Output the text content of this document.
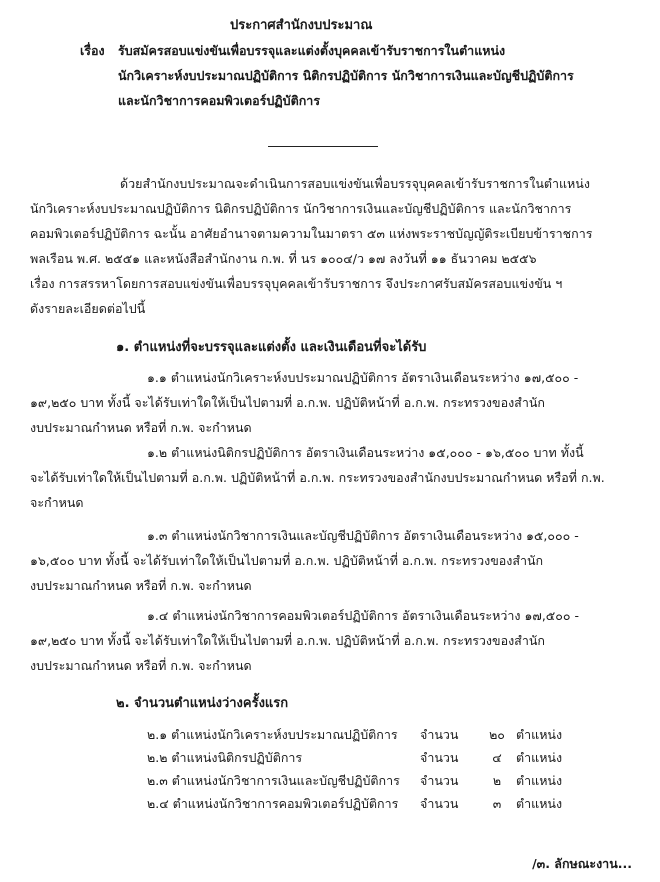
ประกาศสำนักงบประมาณ
เรื่อง รับสมัครสอบแข่งขันเพื่อบรรจุและแต่งตั้งบุคคลเข้ารับราชการในตำแหน่ง
นักวิเคราะห์งบประมาณปฏิบัติการ นิติกรปฏิบัติการ นักวิชาการเงินและบัญชีปฏิบัติการ
และนักวิชาการคอมพิวเตอร์ปฏิบัติการ
ด้วยสำนักงบประมาณจะดำเนินการสอบแข่งขันเพื่อบรรจุบุคคลเข้ารับราชการในตำแหน่ง
นักวิเคราะห์งบประมาณปฏิบัติการ นิติกรปฏิบัติการ นักวิชาการเงินและบัญชีปฏิบัติการ และนักวิชาการ
คอมพิวเตอร์ปฏิบัติการ ฉะนั้น อาศัยอำนาจตามความในมาตรา ๕๓ แห่งพระราชบัญญัติระเบียบข้าราชการ
พลเรือน พ.ศ. ๒๕๕๑ และหนังสือสำนักงาน ก.พ. ที่ นร ๑๐๐๔/ว ๑๗ ลงวันที่ ๑๑ ธันวาคม ๒๕๕๖
เรื่อง การสรรหาโดยการสอบแข่งขันเพื่อบรรจุบุคคลเข้ารับราชการ จึงประกาศรับสมัครสอบแข่งขัน ฯ
ดังรายละเอียดต่อไปนี้
๑. ตำแหน่งที่จะบรรจุและแต่งตั้ง และเงินเดือนที่จะได้รับ
๑.๑ ตำแหน่งนักวิเคราะห์งบประมาณปฏิบัติการ อัตราเงินเดือนระหว่าง ๑๗,๕๐๐ -
๑๙,๒๕๐ บาท ทั้งนี้ จะได้รับเท่าใดให้เป็นไปตามที่ อ.ก.พ. ปฏิบัติหน้าที่ อ.ก.พ. กระทรวงของสำนัก
งบประมาณกำหนด หรือที่ ก.พ. จะกำหนด
๑.๒ ตำแหน่งนิติกรปฏิบัติการ อัตราเงินเดือนระหว่าง ๑๕,๐๐๐ - ๑๖,๕๐๐ บาท ทั้งนี้
จะได้รับเท่าใดให้เป็นไปตามที่ อ.ก.พ. ปฏิบัติหน้าที่ อ.ก.พ. กระทรวงของสำนักงบประมาณกำหนด หรือที่ ก.พ.
จะกำหนด
๑.๓ ตำแหน่งนักวิชาการเงินและบัญชีปฏิบัติการ อัตราเงินเดือนระหว่าง ๑๕,๐๐๐ -
๑๖,๕๐๐ บาท ทั้งนี้ จะได้รับเท่าใดให้เป็นไปตามที่ อ.ก.พ. ปฏิบัติหน้าที่ อ.ก.พ. กระทรวงของสำนัก
งบประมาณกำหนด หรือที่ ก.พ. จะกำหนด
๑.๔ ตำแหน่งนักวิชาการคอมพิวเตอร์ปฏิบัติการ อัตราเงินเดือนระหว่าง ๑๗,๕๐๐ -
๑๙,๒๕๐ บาท ทั้งนี้ จะได้รับเท่าใดให้เป็นไปตามที่ อ.ก.พ. ปฏิบัติหน้าที่ อ.ก.พ. กระทรวงของสำนัก
งบประมาณกำหนด หรือที่ ก.พ. จะกำหนด
๒. จำนวนตำแหน่งว่างครั้งแรก
๒.๑ ตำแหน่งนักวิเคราะห์งบประมาณปฏิบัติการ	จำนวน	๒๐	ตำแหน่ง
๒.๒ ตำแหน่งนิติกรปฏิบัติการ	จำนวน	๔	ตำแหน่ง
๒.๓ ตำแหน่งนักวิชาการเงินและบัญชีปฏิบัติการ	จำนวน	๒	ตำแหน่ง
๒.๔ ตำแหน่งนักวิชาการคอมพิวเตอร์ปฏิบัติการ	จำนวน	๓	ตำแหน่ง
/๓. ลักษณะงาน...
